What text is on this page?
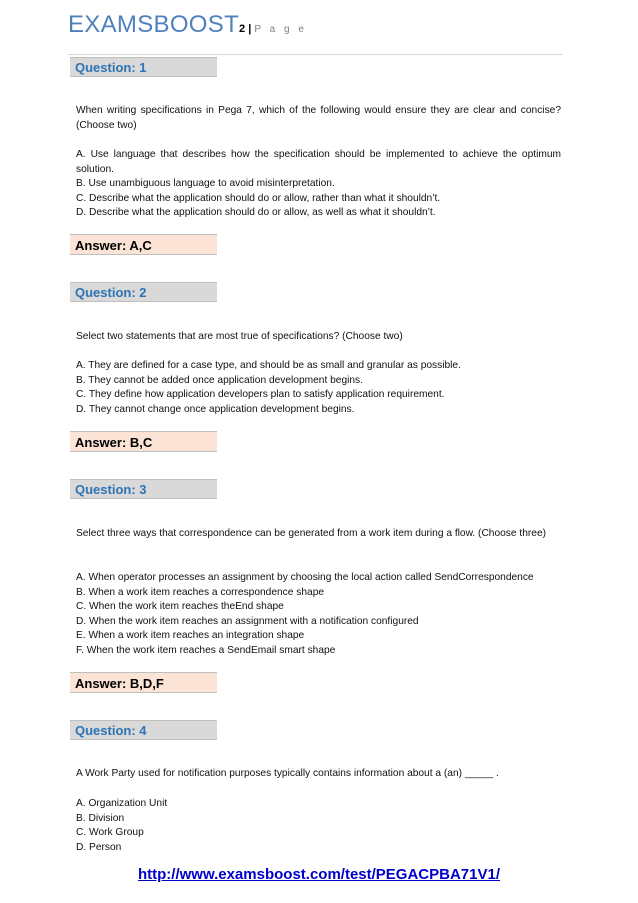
EXAMSBOOST2 | P a g e
Question: 1

When writing specifications in Pega 7, which of the following would ensure they are clear and concise? (Choose two)

A. Use language that describes how the specification should be implemented to achieve the optimum solution.
B. Use unambiguous language to avoid misinterpretation.
C. Describe what the application should do or allow, rather than what it shouldn’t.
D. Describe what the application should do or allow, as well as what it shouldn’t.
Answer: A,C
Question: 2

Select two statements that are most true of specifications? (Choose two)

A. They are defined for a case type, and should be as small and granular as possible.
B. They cannot be added once application development begins.
C. They define how application developers plan to satisfy application requirement.
D. They cannot change once application development begins.
Answer: B,C
Question: 3

Select three ways that correspondence can be generated from a work item during a flow. (Choose three)

A. When operator processes an assignment by choosing the local action called SendCorrespondence
B. When a work item reaches a correspondence shape
C. When the work item reaches theEnd shape
D. When the work item reaches an assignment with a notification configured
E. When a work item reaches an integration shape
F. When the work item reaches a SendEmail smart shape
Answer: B,D,F
Question: 4

A Work Party used for notification purposes typically contains information about a (an) _____ .

A. Organization Unit
B. Division
C. Work Group
D. Person
http://www.examsboost.com/test/PEGACPBA71V1/
